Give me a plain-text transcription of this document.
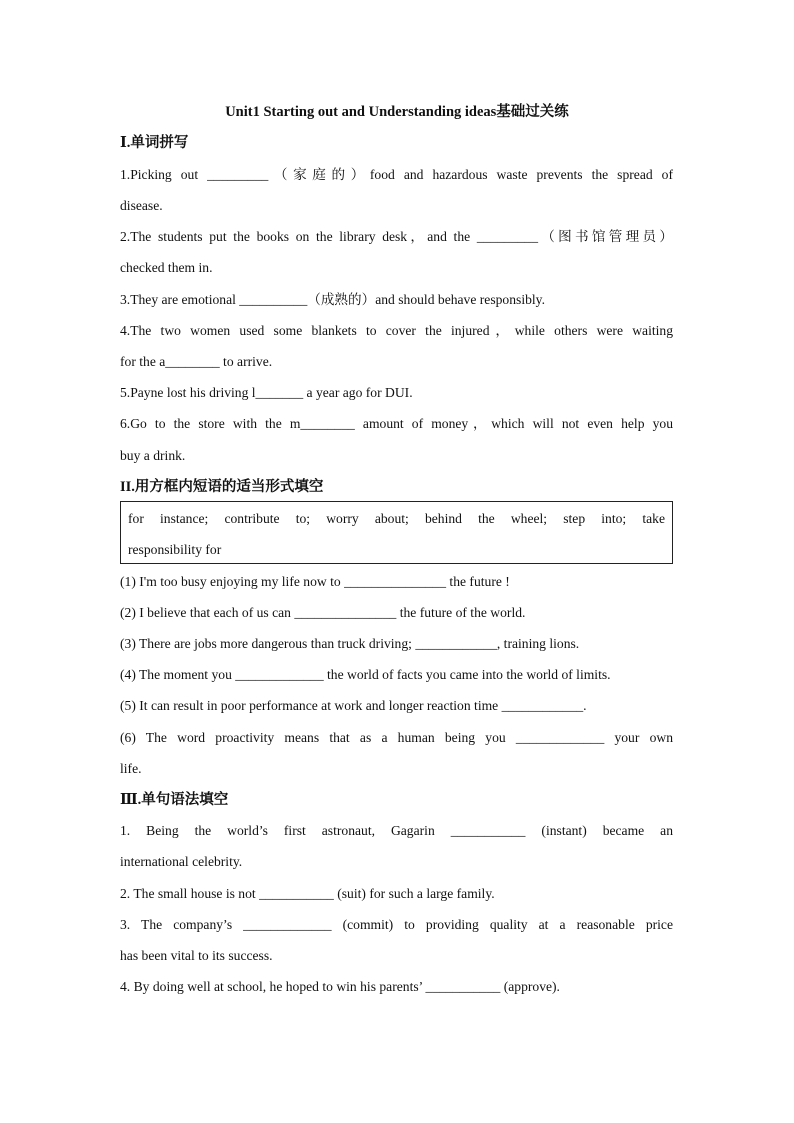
Unit1 Starting out and Understanding ideas基础过关练
Ⅰ.单词拼写
1.Picking out _________（家庭的）food and hazardous waste prevents the spread of
disease.
2.The students put the books on the library desk，and the _________（图书馆管理员）
checked them in.
3.They are emotional __________（成熟的）and should behave responsibly.
4.The two women used some blankets to cover the injured，while others were waiting
for the a________ to arrive.
5.Payne lost his driving l_______ a year ago for DUI.
6.Go to the store with the m________ amount of money，which will not even help you
buy a drink.
II.用方框内短语的适当形式填空
for instance; contribute to; worry about; behind the wheel; step into; take
responsibility for
(1) I'm too busy enjoying my life now to _______________ the future !
(2) I believe that each of us can _______________ the future of the world.
(3) There are jobs more dangerous than truck driving; ____________, training lions.
(4) The moment you _____________ the world of facts you came into the world of limits.
(5) It can result in poor performance at work and longer reaction time ____________.
(6) The word proactivity means that as a human being you _____________ your own
life.
Ⅲ.单句语法填空
1. Being the world’s first astronaut, Gagarin ___________ (instant) became an
international celebrity.
2. The small house is not ___________ (suit) for such a large family.
3. The company’s _____________ (commit) to providing quality at a reasonable price
has been vital to its success.
4. By doing well at school, he hoped to win his parents’ ___________ (approve).
